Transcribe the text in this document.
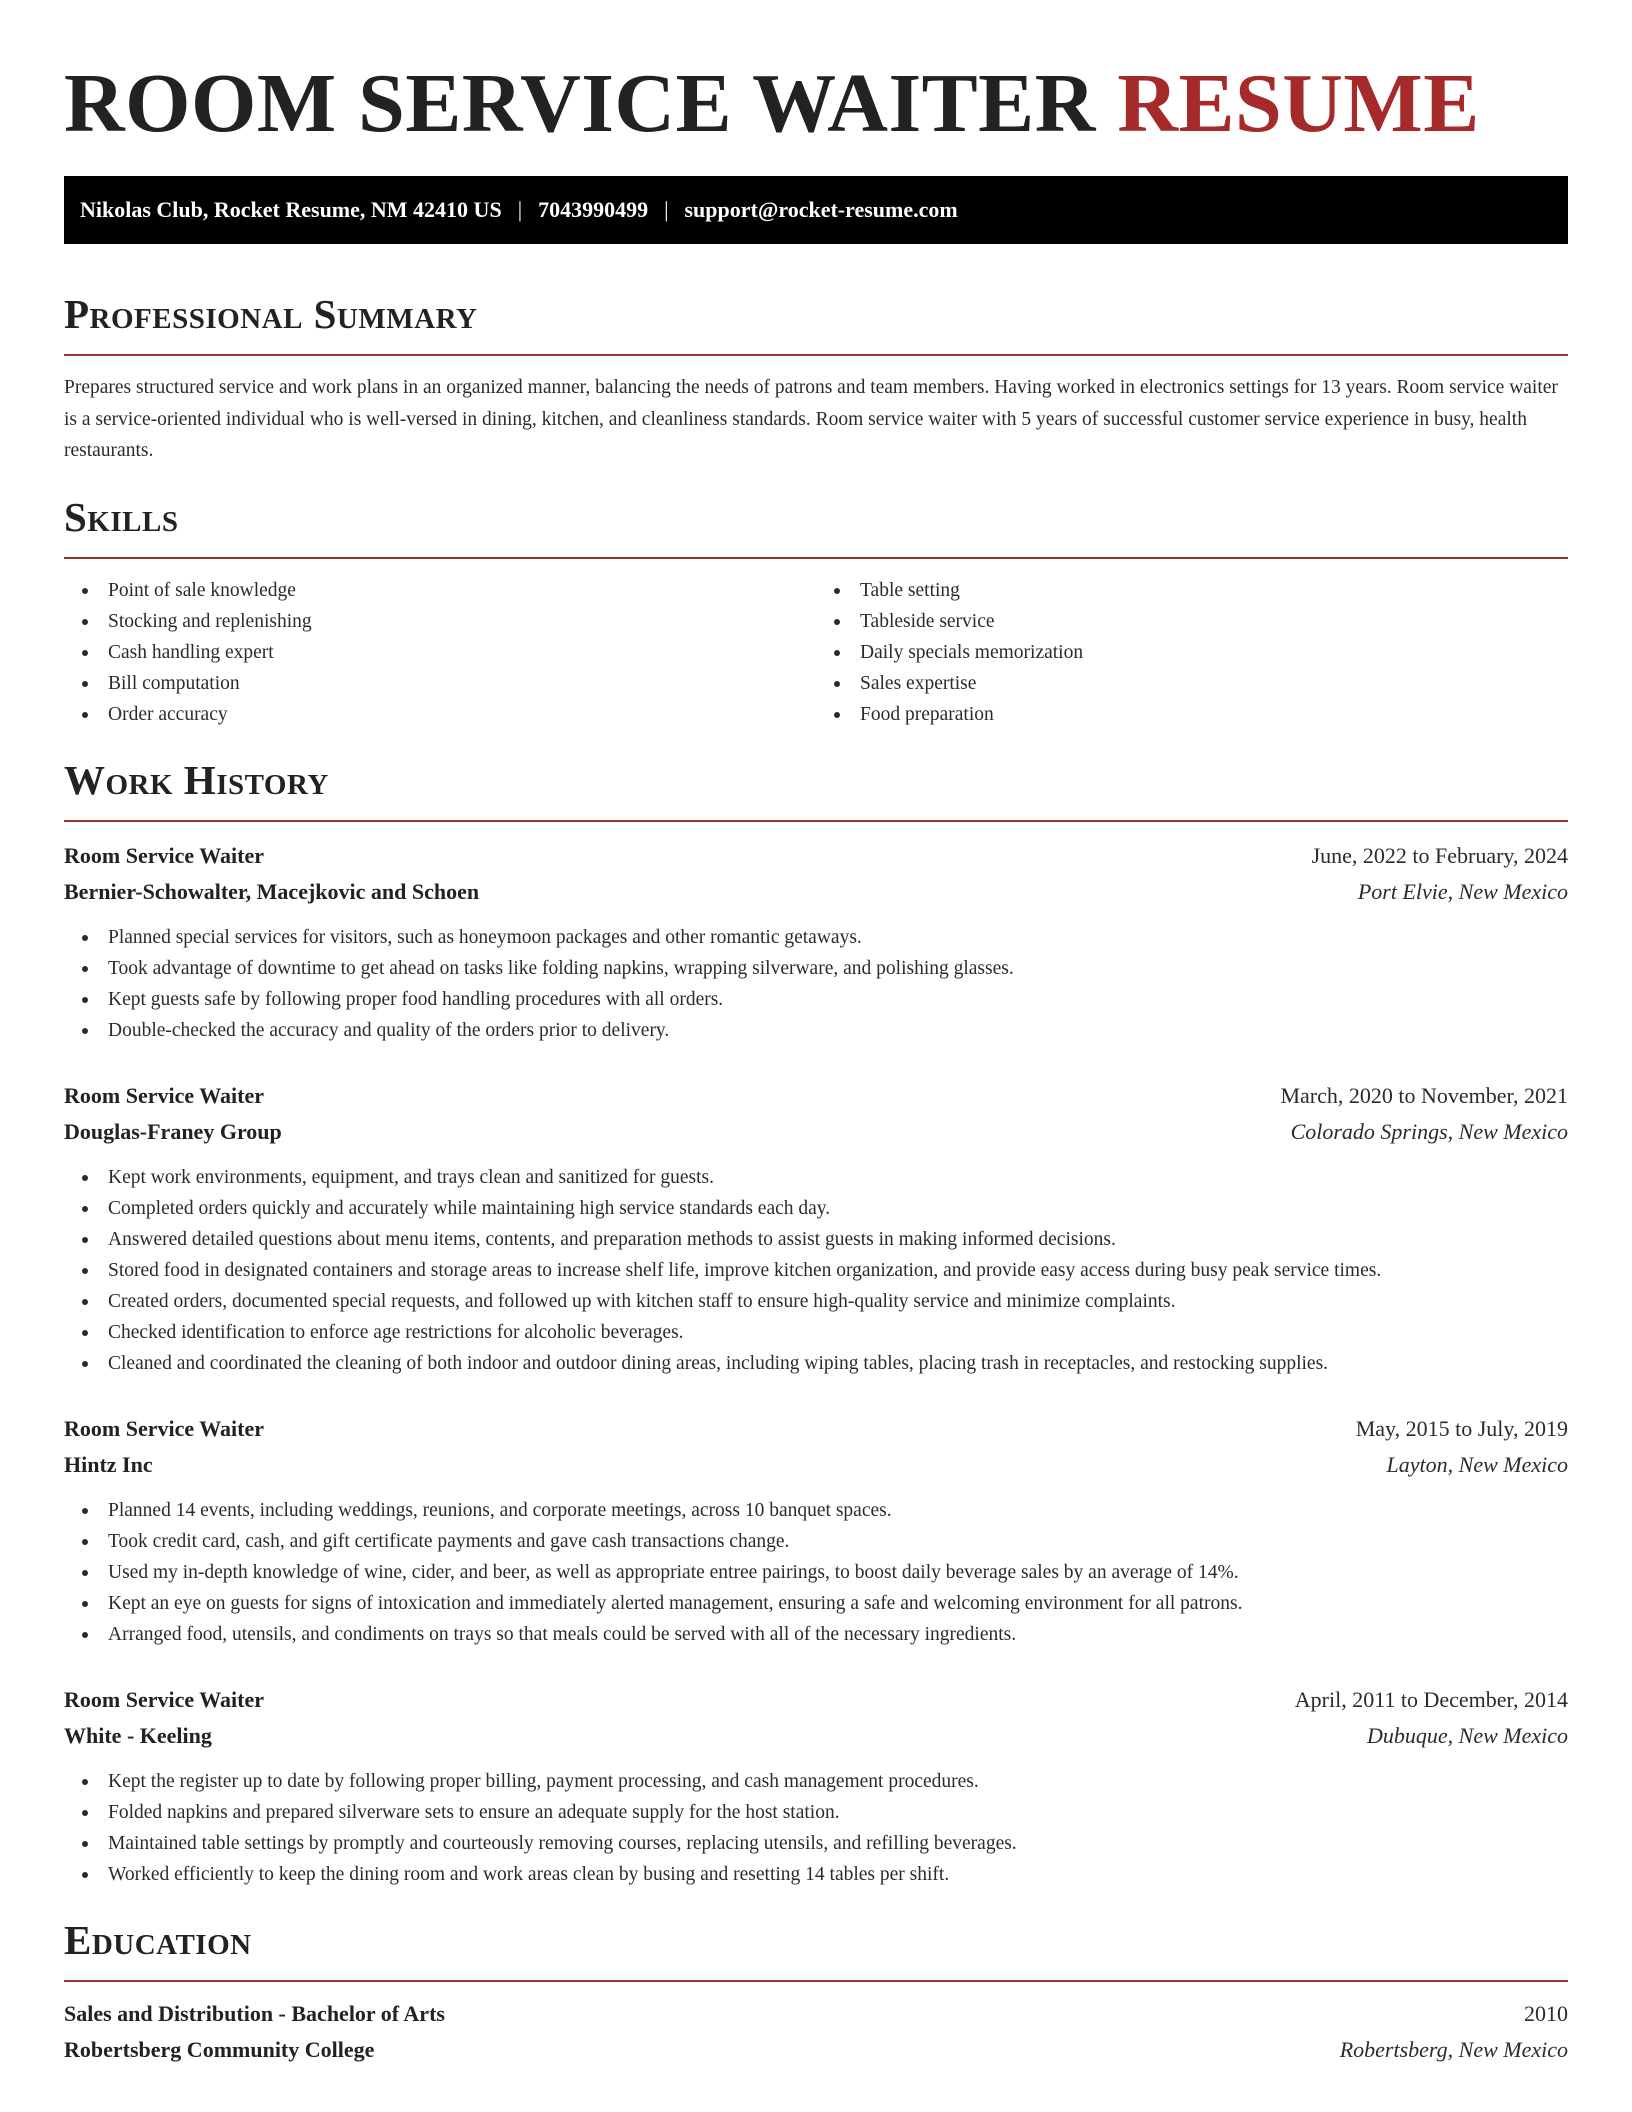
ROOM SERVICE WAITER RESUME
Nikolas Club, Rocket Resume, NM 42410 US | 7043990499 | support@rocket-resume.com
Professional Summary

Prepares structured service and work plans in an organized manner, balancing the needs of patrons and team members. Having worked in electronics settings for 13 years. Room service waiter is a service-oriented individual who is well-versed in dining, kitchen, and cleanliness standards. Room service waiter with 5 years of successful customer service experience in busy, health restaurants.

Skills
Point of sale knowledge
Stocking and replenishing
Cash handling expert
Bill computation
Order accuracy
Table setting
Tableside service
Daily specials memorization
Sales expertise
Food preparation
Work History
Room Service Waiter	June, 2022 to February, 2024
Bernier-Schowalter, Macejkovic and Schoen	Port Elvie, New Mexico
Planned special services for visitors, such as honeymoon packages and other romantic getaways.
Took advantage of downtime to get ahead on tasks like folding napkins, wrapping silverware, and polishing glasses.
Kept guests safe by following proper food handling procedures with all orders.
Double-checked the accuracy and quality of the orders prior to delivery.
Room Service Waiter	March, 2020 to November, 2021
Douglas-Franey Group	Colorado Springs, New Mexico
Kept work environments, equipment, and trays clean and sanitized for guests.
Completed orders quickly and accurately while maintaining high service standards each day.
Answered detailed questions about menu items, contents, and preparation methods to assist guests in making informed decisions.
Stored food in designated containers and storage areas to increase shelf life, improve kitchen organization, and provide easy access during busy peak service times.
Created orders, documented special requests, and followed up with kitchen staff to ensure high-quality service and minimize complaints.
Checked identification to enforce age restrictions for alcoholic beverages.
Cleaned and coordinated the cleaning of both indoor and outdoor dining areas, including wiping tables, placing trash in receptacles, and restocking supplies.
Room Service Waiter	May, 2015 to July, 2019
Hintz Inc	Layton, New Mexico
Planned 14 events, including weddings, reunions, and corporate meetings, across 10 banquet spaces.
Took credit card, cash, and gift certificate payments and gave cash transactions change.
Used my in-depth knowledge of wine, cider, and beer, as well as appropriate entree pairings, to boost daily beverage sales by an average of 14%.
Kept an eye on guests for signs of intoxication and immediately alerted management, ensuring a safe and welcoming environment for all patrons.
Arranged food, utensils, and condiments on trays so that meals could be served with all of the necessary ingredients.
Room Service Waiter	April, 2011 to December, 2014
White - Keeling	Dubuque, New Mexico
Kept the register up to date by following proper billing, payment processing, and cash management procedures.
Folded napkins and prepared silverware sets to ensure an adequate supply for the host station.
Maintained table settings by promptly and courteously removing courses, replacing utensils, and refilling beverages.
Worked efficiently to keep the dining room and work areas clean by busing and resetting 14 tables per shift.
Education
Sales and Distribution - Bachelor of Arts	2010
Robertsberg Community College	Robertsberg, New Mexico
